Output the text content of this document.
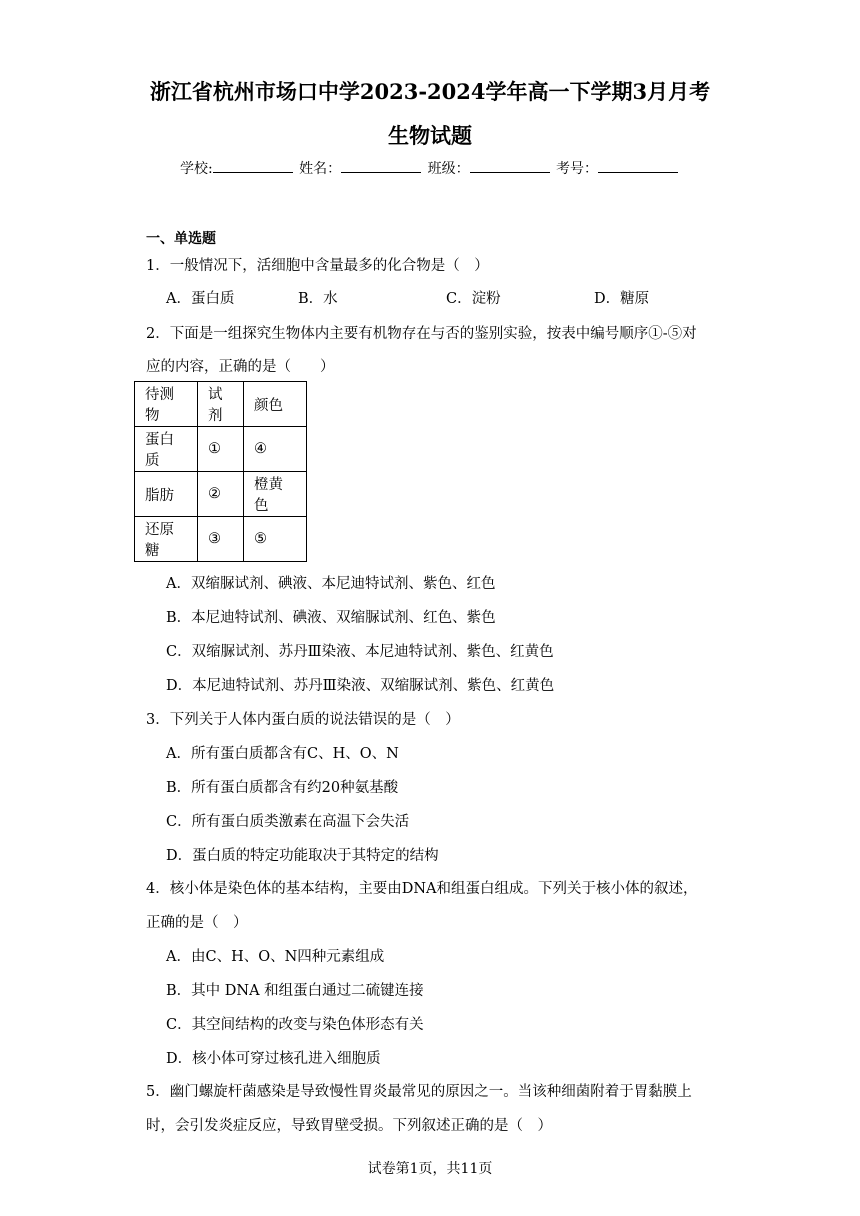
浙江省杭州市场口中学2023-2024学年高一下学期3月月考
生物试题
学校:	姓名：	班级：	考号：
一、单选题
1．一般情况下，活细胞中含量最多的化合物是（　）
A．蛋白质	B．水	C．淀粉	D．糖原
2．下面是一组探究生物体内主要有机物存在与否的鉴别实验，按表中编号顺序①-⑤对
应的内容，正确的是（　　）
待测物	试剂	颜色
蛋白质	①	④
脂肪	②	橙黄色
还原糖	③	⑤
A．双缩脲试剂、碘液、本尼迪特试剂、紫色、红色
B．本尼迪特试剂、碘液、双缩脲试剂、红色、紫色
C．双缩脲试剂、苏丹Ⅲ染液、本尼迪特试剂、紫色、红黄色
D．本尼迪特试剂、苏丹Ⅲ染液、双缩脲试剂、紫色、红黄色
3．下列关于人体内蛋白质的说法错误的是（　）
A．所有蛋白质都含有C、H、O、N
B．所有蛋白质都含有约20种氨基酸
C．所有蛋白质类激素在高温下会失活
D．蛋白质的特定功能取决于其特定的结构
4．核小体是染色体的基本结构，主要由DNA和组蛋白组成。下列关于核小体的叙述，
正确的是（　）
A．由C、H、O、N四种元素组成
B．其中 DNA 和组蛋白通过二硫键连接
C．其空间结构的改变与染色体形态有关
D．核小体可穿过核孔进入细胞质
5．幽门螺旋杆菌感染是导致慢性胃炎最常见的原因之一。当该种细菌附着于胃黏膜上
时，会引发炎症反应，导致胃壁受损。下列叙述正确的是（　）
试卷第1页，共11页
